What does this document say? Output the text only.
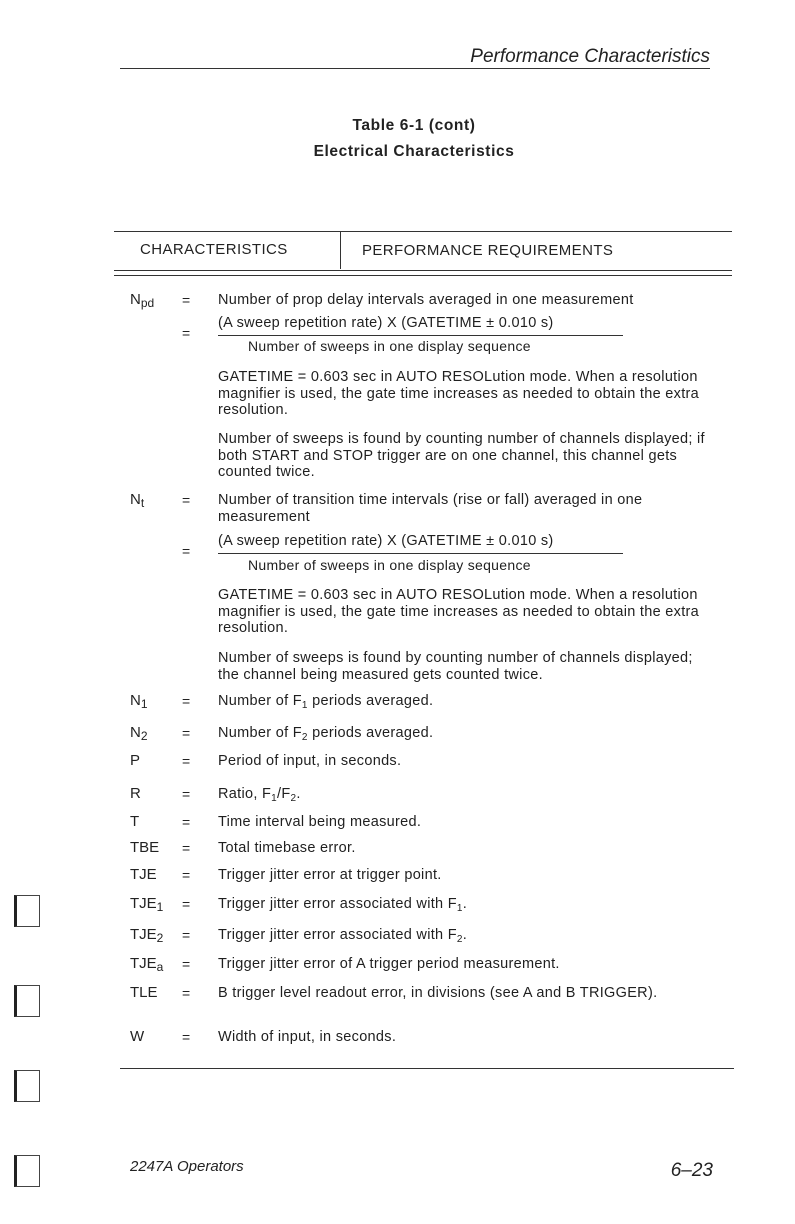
Performance Characteristics
Table 6-1 (cont)
Electrical Characteristics
CHARACTERISTICS	PERFORMANCE REQUIREMENTS
$N_{pd}$ = Number of prop delay intervals averaged in one measurement
=
(A sweep repetition rate) X (GATETIME ± 0.010 s)
Number of sweeps in one display sequence
GATETIME = 0.603 sec in AUTO RESOLution mode. When a resolution magnifier is used, the gate time increases as needed to obtain the extra resolution.
Number of sweeps is found by counting number of channels displayed; if both START and STOP trigger are on one channel, this channel gets counted twice.
$N_t$	= Number of transition time intervals (rise or fall) averaged in one measurement
=
(A sweep repetition rate) X (GATETIME ± 0.010 s)
Number of sweeps in one display sequence
GATETIME = 0.603 sec in AUTO RESOLution mode. When a resolution magnifier is used, the gate time increases as needed to obtain the extra resolution.
Number of sweeps is found by counting number of channels displayed; the channel being measured gets counted twice.
$N_1$ = Number of $F_1$ periods averaged.
$N_2$ = Number of $F_2$ periods averaged.
P	= Period of input, in seconds.
R	= Ratio, $F_1/F_2$.
T	= Time interval being measured.
TBE = Total timebase error.
TJE = Trigger jitter error at trigger point.
$TJE_1$ = Trigger jitter error associated with $F_1$.
$TJE_2$ = Trigger jitter error associated with $F_2$.
$TJE_a$ = Trigger jitter error of A trigger period measurement.
TLE = B trigger level readout error, in divisions (see A and B TRIGGER).
W	= Width of input, in seconds.
2247A Operators	6–23
